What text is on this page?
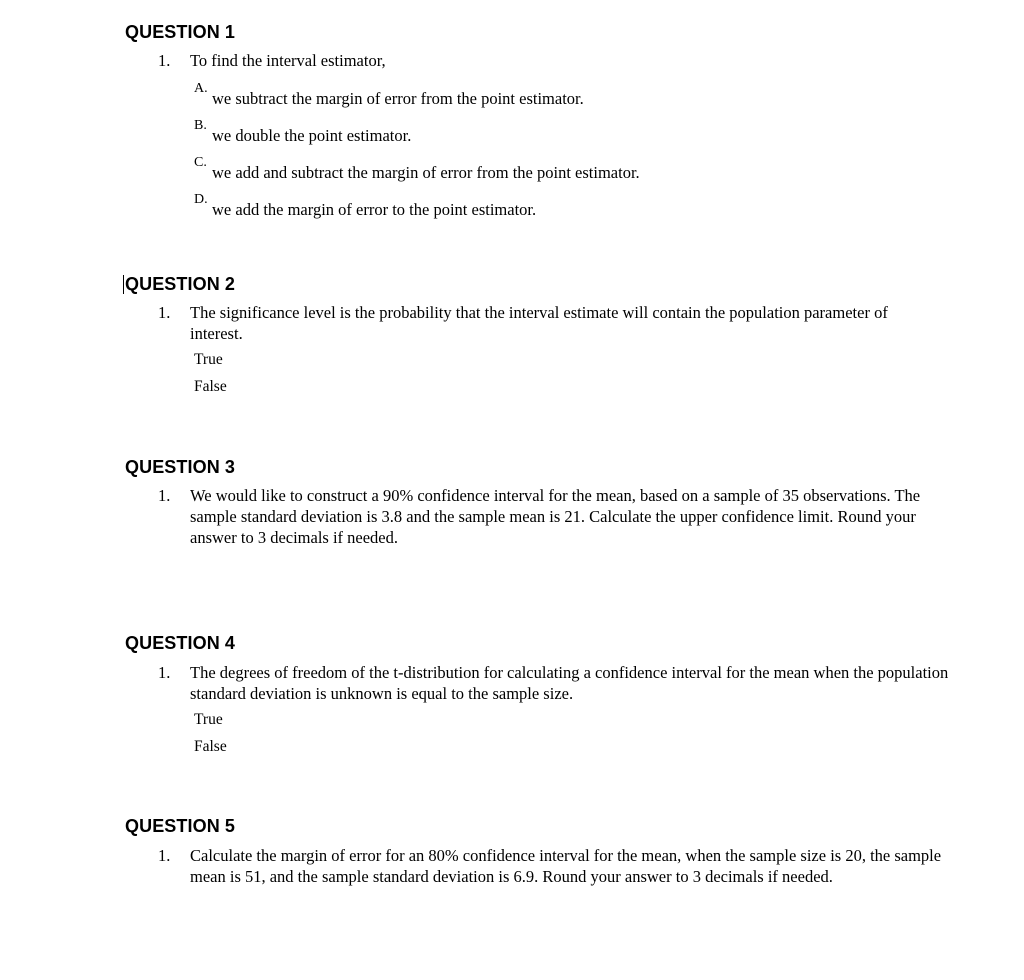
QUESTION 1
1. To find the interval estimator,
A.
we subtract the margin of error from the point estimator.
B.
we double the point estimator.
C.
we add and subtract the margin of error from the point estimator.
D.
we add the margin of error to the point estimator.
QUESTION 2
1. The significance level is the probability that the interval estimate will contain the population parameter of interest.
True
False
QUESTION 3
1. We would like to construct a 90% confidence interval for the mean, based on a sample of 35 observations. The sample standard deviation is 3.8 and the sample mean is 21. Calculate the upper confidence limit. Round your answer to 3 decimals if needed.
QUESTION 4
1. The degrees of freedom of the t-distribution for calculating a confidence interval for the mean when the population standard deviation is unknown is equal to the sample size.
True
False
QUESTION 5
1. Calculate the margin of error for an 80% confidence interval for the mean, when the sample size is 20, the sample mean is 51, and the sample standard deviation is 6.9. Round your answer to 3 decimals if needed.
